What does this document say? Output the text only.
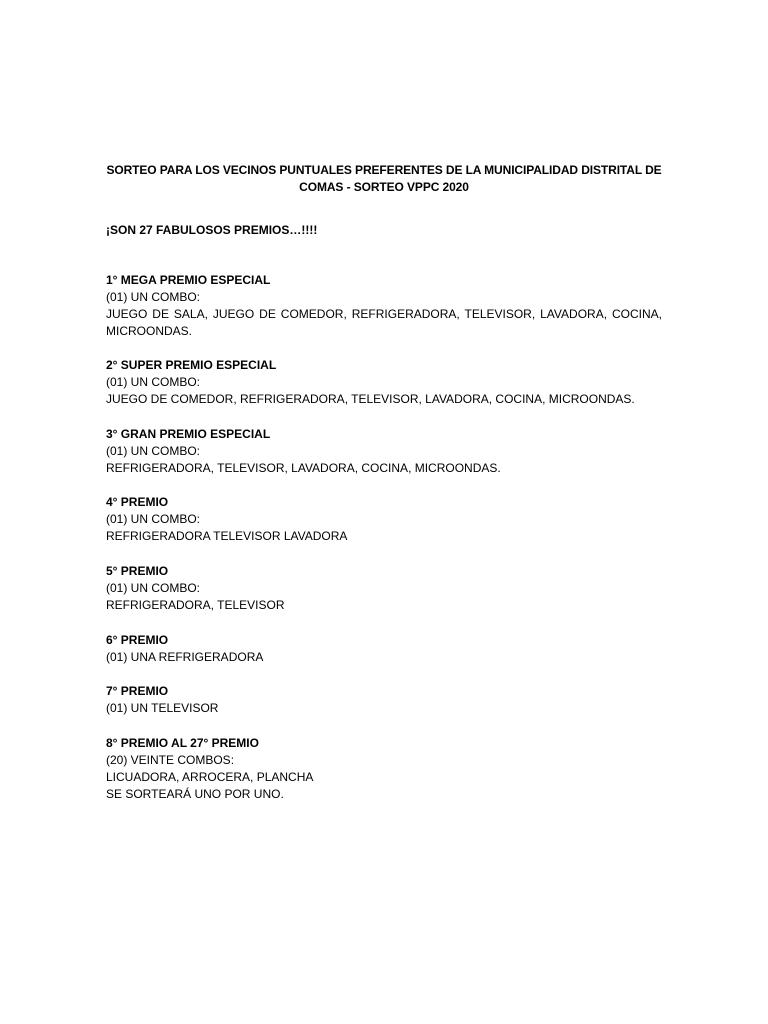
SORTEO PARA LOS VECINOS PUNTUALES PREFERENTES DE LA MUNICIPALIDAD DISTRITAL DE
COMAS - SORTEO VPPC 2020
¡SON 27 FABULOSOS PREMIOS…!!!!
1° MEGA PREMIO ESPECIAL
(01) UN COMBO:
JUEGO DE SALA, JUEGO DE COMEDOR, REFRIGERADORA, TELEVISOR, LAVADORA, COCINA, MICROONDAS.
2° SUPER PREMIO ESPECIAL
(01) UN COMBO:
JUEGO DE COMEDOR, REFRIGERADORA, TELEVISOR, LAVADORA, COCINA, MICROONDAS.
3° GRAN PREMIO ESPECIAL
(01) UN COMBO:
REFRIGERADORA, TELEVISOR, LAVADORA, COCINA, MICROONDAS.
4° PREMIO
(01) UN COMBO:
REFRIGERADORA TELEVISOR LAVADORA
5° PREMIO
(01) UN COMBO:
REFRIGERADORA, TELEVISOR
6° PREMIO
(01) UNA REFRIGERADORA
7° PREMIO
(01) UN TELEVISOR
8° PREMIO AL 27° PREMIO
(20) VEINTE COMBOS:
LICUADORA, ARROCERA, PLANCHA
SE SORTEARÁ UNO POR UNO.
